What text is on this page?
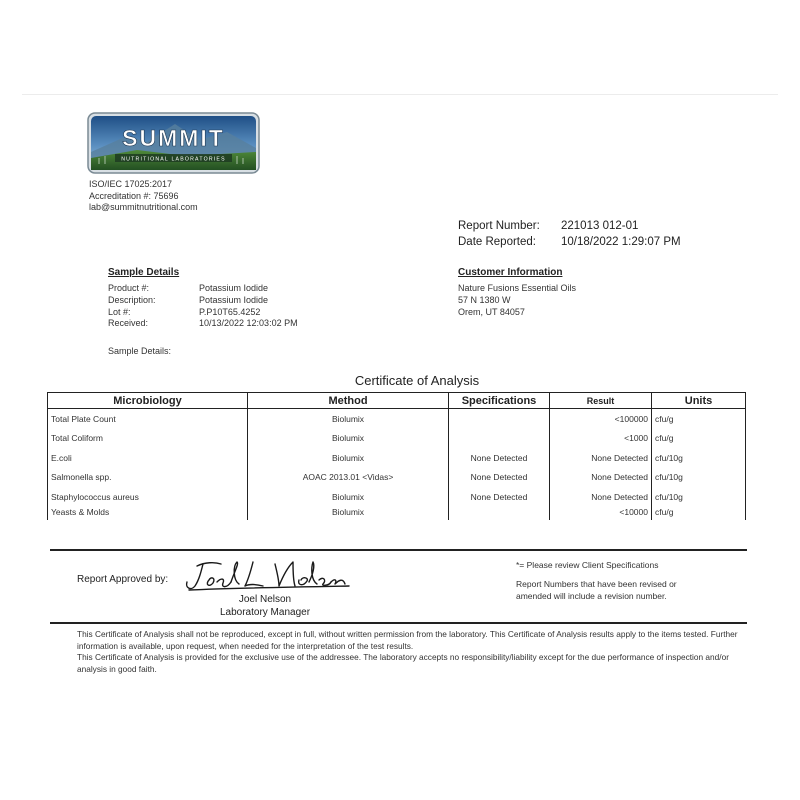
SUMMIT
NUTRITIONAL LABORATORIES
ISO/IEC 17025:2017
Accreditation #: 75696
lab@summitnutritional.com
Report Number:	221013 012-01
Date Reported:	10/18/2022 1:29:07 PM
Sample Details
Product #:	Potassium Iodide
Description:	Potassium Iodide
Lot #:	P.P10T65.4252
Received:	10/13/2022 12:03:02 PM
Customer Information
Nature Fusions Essential Oils
57 N 1380 W
Orem, UT 84057
Sample Details:
Certificate of Analysis
Microbiology	Method	Specifications	Result	Units
Total Plate Count	Biolumix		<100000	cfu/g
Total Coliform	Biolumix		<1000	cfu/g
E.coli	Biolumix	None Detected	None Detected	cfu/10g
Salmonella spp.	AOAC 2013.01 <Vidas>	None Detected	None Detected	cfu/10g
Staphylococcus aureus	Biolumix	None Detected	None Detected	cfu/10g
Yeasts & Molds	Biolumix		<10000	cfu/g
Report Approved by:
Joel Nelson
Laboratory Manager
*= Please review Client Specifications
Report Numbers that have been revised or amended will include a revision number.

This Certificate of Analysis shall not be reproduced, except in full, without written permission from the laboratory. This Certificate of Analysis results apply to the items tested. Further information is available, upon request, when needed for the interpretation of the test results.

This Certificate of Analysis is provided for the exclusive use of the addressee. The laboratory accepts no responsibility/liability except for the due performance of inspection and/or analysis in good faith.
